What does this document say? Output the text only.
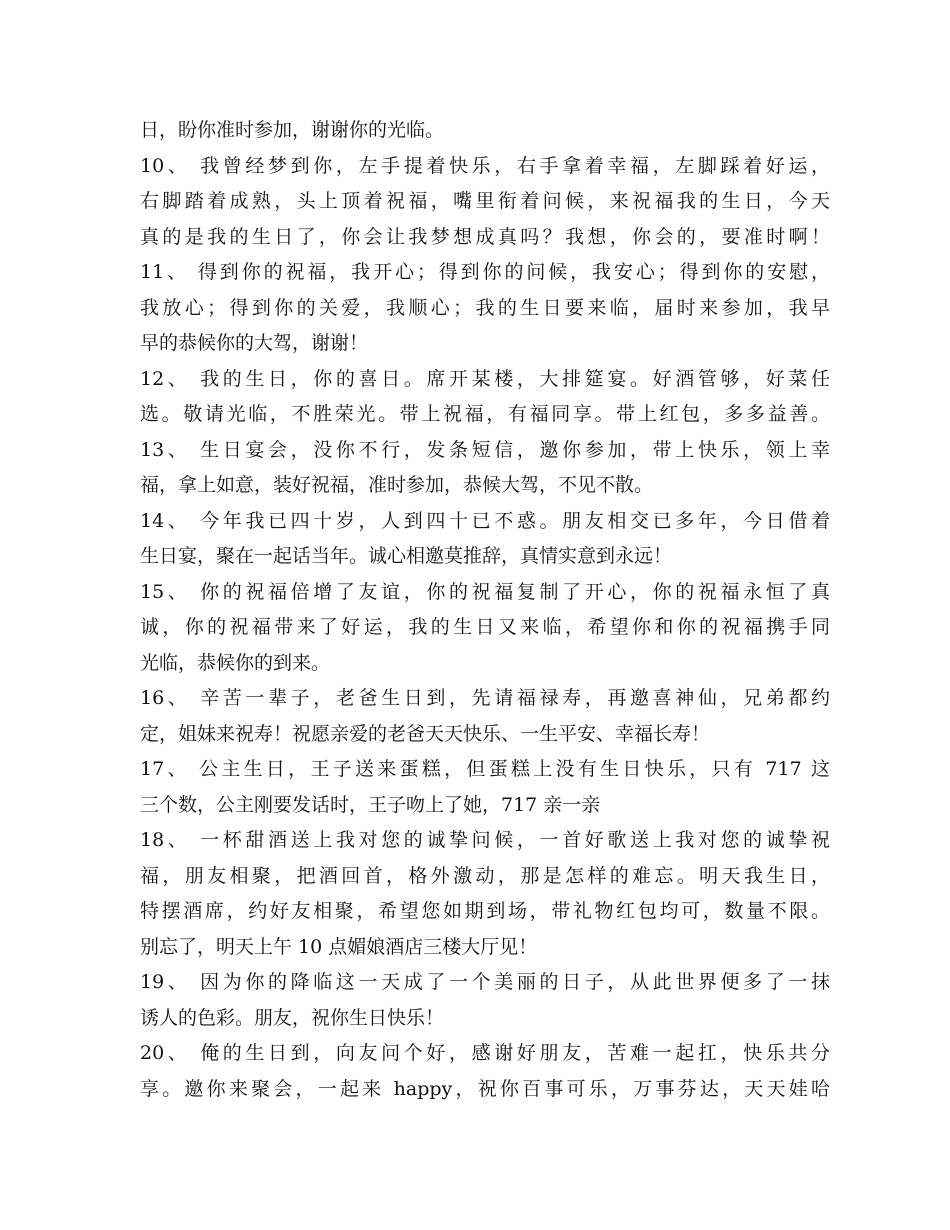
日，盼你准时参加，谢谢你的光临。
10、 我曾经梦到你，左手提着快乐，右手拿着幸福，左脚踩着好运，
右脚踏着成熟，头上顶着祝福，嘴里衔着问候，来祝福我的生日，今天
真的是我的生日了，你会让我梦想成真吗？我想，你会的，要准时啊！
11、 得到你的祝福，我开心；得到你的问候，我安心；得到你的安慰，
我放心；得到你的关爱，我顺心；我的生日要来临，届时来参加，我早
早的恭候你的大驾，谢谢！
12、 我的生日，你的喜日。席开某楼，大排筵宴。好酒管够，好菜任
选。敬请光临，不胜荣光。带上祝福，有福同享。带上红包，多多益善。
13、 生日宴会，没你不行，发条短信，邀你参加，带上快乐，领上幸
福，拿上如意，装好祝福，准时参加，恭候大驾，不见不散。
14、 今年我已四十岁，人到四十已不惑。朋友相交已多年，今日借着
生日宴，聚在一起话当年。诚心相邀莫推辞，真情实意到永远！
15、 你的祝福倍增了友谊，你的祝福复制了开心，你的祝福永恒了真
诚，你的祝福带来了好运，我的生日又来临，希望你和你的祝福携手同
光临，恭候你的到来。
16、 辛苦一辈子，老爸生日到，先请福禄寿，再邀喜神仙，兄弟都约
定，姐妹来祝寿！祝愿亲爱的老爸天天快乐、一生平安、幸福长寿！
17、 公主生日，王子送来蛋糕，但蛋糕上没有生日快乐，只有 717 这
三个数，公主刚要发话时，王子吻上了她，717 亲一亲
18、 一杯甜酒送上我对您的诚挚问候，一首好歌送上我对您的诚挚祝
福，朋友相聚，把酒回首，格外激动，那是怎样的难忘。明天我生日，
特摆酒席，约好友相聚，希望您如期到场，带礼物红包均可，数量不限。
别忘了，明天上午 10 点媚娘酒店三楼大厅见！
19、 因为你的降临这一天成了一个美丽的日子，从此世界便多了一抹
诱人的色彩。朋友，祝你生日快乐！
20、 俺的生日到，向友问个好，感谢好朋友，苦难一起扛，快乐共分
享。邀你来聚会，一起来 happy，祝你百事可乐，万事芬达，天天娃哈
